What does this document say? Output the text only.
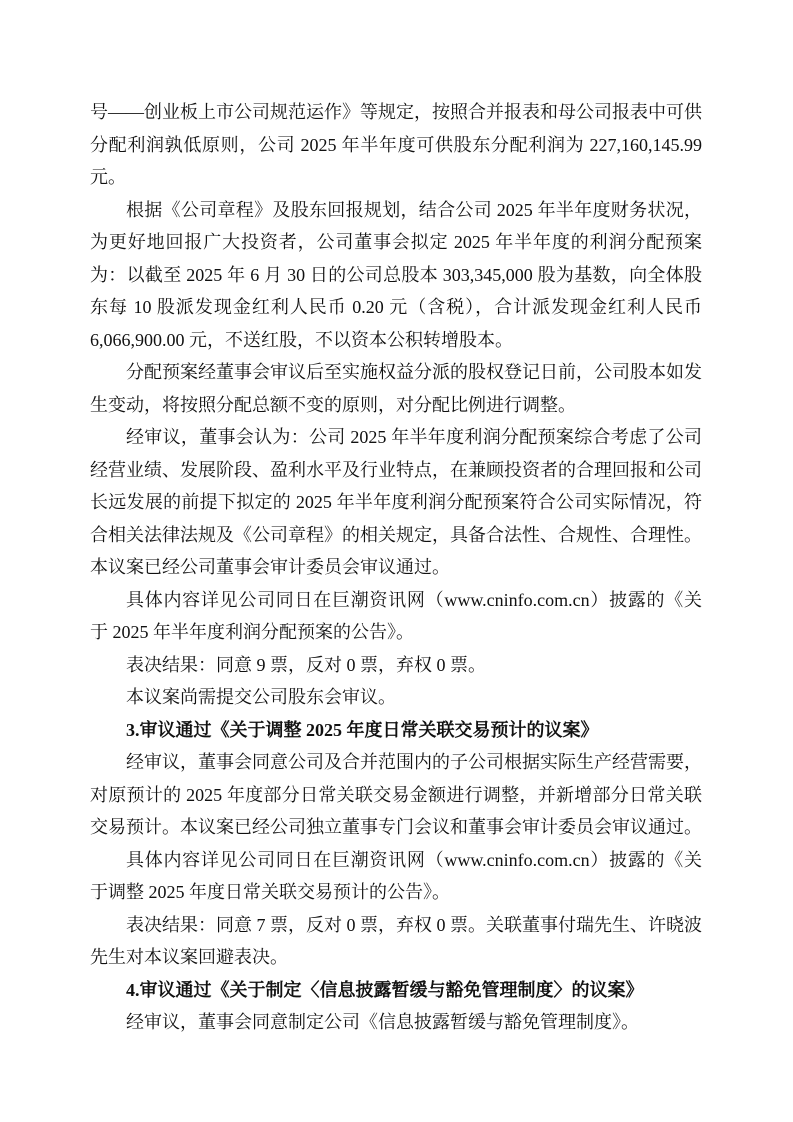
号——创业板上市公司规范运作》等规定，按照合并报表和母公司报表中可供分配利润孰低原则，公司 2025 年半年度可供股东分配利润为 227,160,145.99 元。

根据《公司章程》及股东回报规划，结合公司 2025 年半年度财务状况，为更好地回报广大投资者，公司董事会拟定 2025 年半年度的利润分配预案为：以截至 2025 年 6 月 30 日的公司总股本 303,345,000 股为基数，向全体股东每 10 股派发现金红利人民币 0.20 元（含税），合计派发现金红利人民币 6,066,900.00 元，不送红股，不以资本公积转增股本。

分配预案经董事会审议后至实施权益分派的股权登记日前，公司股本如发生变动，将按照分配总额不变的原则，对分配比例进行调整。

经审议，董事会认为：公司 2025 年半年度利润分配预案综合考虑了公司经营业绩、发展阶段、盈利水平及行业特点，在兼顾投资者的合理回报和公司长远发展的前提下拟定的 2025 年半年度利润分配预案符合公司实际情况，符合相关法律法规及《公司章程》的相关规定，具备合法性、合规性、合理性。本议案已经公司董事会审计委员会审议通过。

具体内容详见公司同日在巨潮资讯网（www.cninfo.com.cn）披露的《关于 2025 年半年度利润分配预案的公告》。

表决结果：同意 9 票，反对 0 票，弃权 0 票。

本议案尚需提交公司股东会审议。

3.审议通过《关于调整 2025 年度日常关联交易预计的议案》

经审议，董事会同意公司及合并范围内的子公司根据实际生产经营需要，对原预计的 2025 年度部分日常关联交易金额进行调整，并新增部分日常关联交易预计。本议案已经公司独立董事专门会议和董事会审计委员会审议通过。

具体内容详见公司同日在巨潮资讯网（www.cninfo.com.cn）披露的《关于调整 2025 年度日常关联交易预计的公告》。

表决结果：同意 7 票，反对 0 票，弃权 0 票。关联董事付瑞先生、许晓波先生对本议案回避表决。

4.审议通过《关于制定〈信息披露暂缓与豁免管理制度〉的议案》

经审议，董事会同意制定公司《信息披露暂缓与豁免管理制度》。
